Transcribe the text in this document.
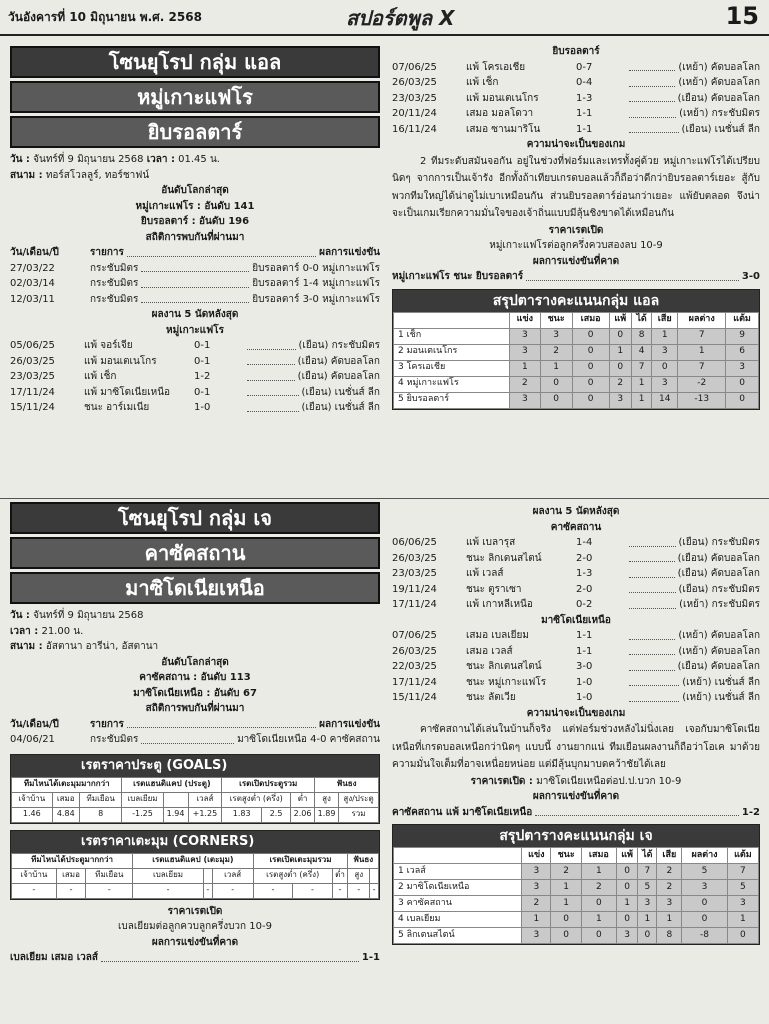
วันอังคารที่ 10 มิถุนายน พ.ศ. 2568	สปอร์ตพูล X	15
โซนยุโรป กลุ่ม แอล
หมู่เกาะแฟโร
ยิบรอลตาร์
วัน : จันทร์ที่ 9 มิถุนายน 2568 เวลา : 01.45 น.
สนาม : ทอร์สโวลลูร์, ทอร์ชาฟน์
อันดับโลกล่าสุด
หมู่เกาะแฟโร : อันดับ 141
ยิบรอลตาร์ : อันดับ 196
สถิติการพบกันที่ผ่านมา
วัน/เดือน/ปี	รายการ	ผลการแข่งขัน
27/03/22	กระชับมิตร	ยิบรอลตาร์ 0-0 หมู่เกาะแฟโร
02/03/14	กระชับมิตร	ยิบรอลตาร์ 1-4 หมู่เกาะแฟโร
12/03/11	กระชับมิตร	ยิบรอลตาร์ 3-0 หมู่เกาะแฟโร
ผลงาน 5 นัดหลังสุด
หมู่เกาะแฟโร
05/06/25	แพ้ จอร์เจีย	0-1	(เยือน) กระชับมิตร
26/03/25	แพ้ มอนเตเนโกร	0-1	(เยือน) คัดบอลโลก
23/03/25	แพ้ เช็ก	1-2	(เยือน) คัดบอลโลก
17/11/24	แพ้ มาซิโดเนียเหนือ	0-1	(เยือน) เนชั่นส์ ลีก
15/11/24	ชนะ อาร์เมเนีย	1-0	(เยือน) เนชั่นส์ ลีก
ยิบรอลตาร์
07/06/25	แพ้ โครเอเชีย	0-7	(เหย้า) คัดบอลโลก
26/03/25	แพ้ เช็ก	0-4	(เหย้า) คัดบอลโลก
23/03/25	แพ้ มอนเตเนโกร	1-3	(เยือน) คัดบอลโลก
20/11/24	เสมอ มอลโดวา	1-1	(เหย้า) กระชับมิตร
16/11/24	เสมอ ซานมาริโน	1-1	(เยือน) เนชั่นส์ ลีก
ความน่าจะเป็นของเกม

2 ทีมระดับสมันจอกัน อยู่ในช่วงที่ฟอร์มและเทรทั้งคู่ด้วย หมู่เกาะแฟโรได้เปรียบนิดๆ จากการเป็นเจ้ารัง อีกทั้งถ้าเทียบเกรดบอลแล้วก็ถือว่าดีกว่ายิบรอลตาร์เยอะ สู้กับพวกทีมใหญ่ได้น่าดูไม่เบาเหมือนกัน ส่วนยิบรอลตาร์อ่อนกว่าเยอะ แพ้ยับตลอด จึงน่าจะเป็นเกมเรียกความมั่นใจของเจ้าถิ่นแบบมีลุ้นชิงขาดได้เหมือนกัน

ราคาเรตเปิด
หมู่เกาะแฟโรต่อลูกครึ่งควบสองลบ 10-9
ผลการแข่งขันที่คาด
หมู่เกาะแฟโร ชนะ ยิบรอลตาร์	3-0
สรุปตารางคะแนนกลุ่ม แอล
	แข่ง	ชนะ	เสมอ	แพ้	ได้	เสีย	ผลต่าง	แต้ม
1 เช็ก	3	3	0	0	8	1	7	9
2 มอนเตเนโกร	3	2	0	1	4	3	1	6
3 โครเอเชีย	1	1	0	0	7	0	7	3
4 หมู่เกาะแฟโร	2	0	0	2	1	3	-2	0
5 ยิบรอลตาร์	3	0	0	3	1	14	-13	0
โซนยุโรป กลุ่ม เจ
คาซัคสถาน
มาซิโดเนียเหนือ
วัน : จันทร์ที่ 9 มิถุนายน 2568
เวลา : 21.00 น.
สนาม : อัสตานา อารีน่า, อัสตานา
อันดับโลกล่าสุด
คาซัคสถาน : อันดับ 113
มาซิโดเนียเหนือ : อันดับ 67
สถิติการพบกันที่ผ่านมา
วัน/เดือน/ปี	รายการ	ผลการแข่งขัน
04/06/21	กระชับมิตร	มาซิโดเนียเหนือ 4-0 คาซัคสถาน
เรตราคาประตู (GOALS)
ทีมไหนได้เตะมุมมากกว่า			เรตแฮนดิแคป (ประตู)			เรตเปิดประตูรวม			ฟันธง	
เจ้าบ้าน	เสมอ	ทีมเยือน	เบลเยียม		เวลส์	เรตสูงต่ำ (ครึ่ง)		ต่ำ	สูง	สูง/ประตู
1.46	4.84	8	-1.25	1.94	+1.25	1.83	2.5	2.06	1.89	รวม
เรตราคาเตะมุม (CORNERS)
ทีมไหนได้ประตูมากกว่า			เรตแฮนดิแคป (เตะมุม)			เรตเปิดเตะมุมรวม			ฟันธง	
เจ้าบ้าน	เสมอ	ทีมเยือน	เบลเยียม		เวลส์	เรตสูงต่ำ (ครึ่ง)		ต่ำ	สูง	
-	-	-	-	-	-	-	-	-	-	-
ราคาเรตเปิด
เบลเยียมต่อลูกควบลูกครึ่งบวก 10-9
ผลการแข่งขันที่คาด
เบลเยียม เสมอ เวลส์	1-1
ผลงาน 5 นัดหลังสุด
คาซัคสถาน
06/06/25	แพ้ เบลารุส	1-4	(เยือน) กระชับมิตร
26/03/25	ชนะ ลิกเตนสไตน์	2-0	(เยือน) คัดบอลโลก
23/03/25	แพ้ เวลส์	1-3	(เยือน) คัดบอลโลก
19/11/24	ชนะ ตูราเซา	2-0	(เยือน) กระชับมิตร
17/11/24	แพ้ เกาหลีเหนือ	0-2	(เหย้า) กระชับมิตร
มาซิโดเนียเหนือ
07/06/25	เสมอ เบลเยียม	1-1	(เหย้า) คัดบอลโลก
26/03/25	เสมอ เวลส์	1-1	(เหย้า) คัดบอลโลก
22/03/25	ชนะ ลิกเตนสไตน์	3-0	(เยือน) คัดบอลโลก
17/11/24	ชนะ หมู่เกาะแฟโร	1-0	(เหย้า) เนชั่นส์ ลีก
15/11/24	ชนะ ลัตเวีย	1-0	(เหย้า) เนชั่นส์ ลีก
ความน่าจะเป็นของเกม

คาซัคสถานได้เล่นในบ้านก็จริง แต่ฟอร์มช่วงหลังไม่นิ่งเลย เจอกับมาซิโดเนียเหนือที่เกรดบอลเหนือกว่านิดๆ แบบนี้ งานยากแน่ ทีมเยือนผลงานก็ถือว่าโอเค มาด้วยความมั่นใจเต็มที่อาจเหนื่อยหน่อย แต่มีลุ้นบุกมาบดคว้าชัยได้เลย

ราคาเรตเปิด : มาซิโดเนียเหนือต่อป.ป.บวก 10-9
ผลการแข่งขันที่คาด
คาซัคสถาน แพ้ มาซิโดเนียเหนือ	1-2
สรุปตารางคะแนนกลุ่ม เจ
	แข่ง	ชนะ	เสมอ	แพ้	ได้	เสีย	ผลต่าง	แต้ม
1 เวลส์	3	2	1	0	7	2	5	7
2 มาซิโดเนียเหนือ	3	1	2	0	5	2	3	5
3 คาซัคสถาน	2	1	0	1	3	3	0	3
4 เบลเยียม	1	0	1	0	1	1	0	1
5 ลิกเตนสไตน์	3	0	0	3	0	8	-8	0
